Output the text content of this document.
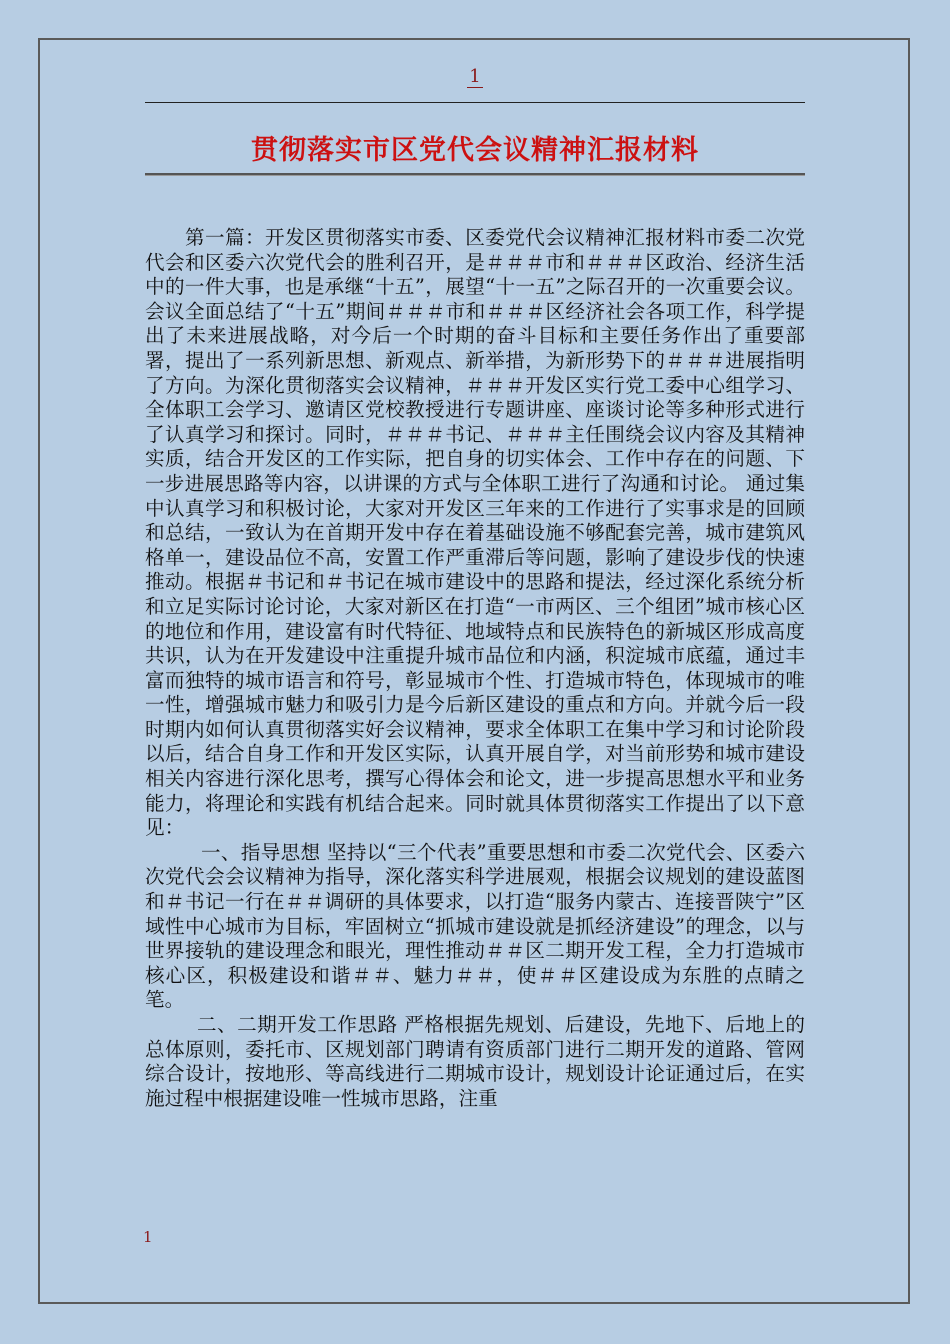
1
贯彻落实市区党代会议精神汇报材料

第一篇：开发区贯彻落实市委、区委党代会议精神汇报材料市委二次党代会和区委六次党代会的胜利召开，是＃＃＃市和＃＃＃区政治、经济生活中的一件大事，也是承继“十五”，展望“十一五”之际召开的一次重要会议。会议全面总结了“十五”期间＃＃＃市和＃＃＃区经济社会各项工作，科学提出了未来进展战略，对今后一个时期的奋斗目标和主要任务作出了重要部署，提出了一系列新思想、新观点、新举措，为新形势下的＃＃＃进展指明了方向。为深化贯彻落实会议精神，＃＃＃开发区实行党工委中心组学习、全体职工会学习、邀请区党校教授进行专题讲座、座谈讨论等多种形式进行了认真学习和探讨。同时，＃＃＃书记、＃＃＃主任围绕会议内容及其精神实质，结合开发区的工作实际，把自身的切实体会、工作中存在的问题、下一步进展思路等内容，以讲课的方式与全体职工进行了沟通和讨论。 通过集中认真学习和积极讨论，大家对开发区三年来的工作进行了实事求是的回顾和总结，一致认为在首期开发中存在着基础设施不够配套完善，城市建筑风格单一，建设品位不高，安置工作严重滞后等问题，影响了建设步伐的快速推动。根据＃书记和＃书记在城市建设中的思路和提法，经过深化系统分析和立足实际讨论讨论，大家对新区在打造“一市两区、三个组团”城市核心区的地位和作用，建设富有时代特征、地域特点和民族特色的新城区形成高度共识，认为在开发建设中注重提升城市品位和内涵，积淀城市底蕴，通过丰富而独特的城市语言和符号，彰显城市个性、打造城市特色，体现城市的唯一性，增强城市魅力和吸引力是今后新区建设的重点和方向。并就今后一段时期内如何认真贯彻落实好会议精神，要求全体职工在集中学习和讨论阶段以后，结合自身工作和开发区实际，认真开展自学，对当前形势和城市建设相关内容进行深化思考，撰写心得体会和论文，进一步提高思想水平和业务能力，将理论和实践有机结合起来。同时就具体贯彻落实工作提出了以下意见：

一、指导思想 坚持以“三个代表”重要思想和市委二次党代会、区委六次党代会会议精神为指导，深化落实科学进展观，根据会议规划的建设蓝图和＃书记一行在＃＃调研的具体要求，以打造“服务内蒙古、连接晋陕宁”区域性中心城市为目标，牢固树立“抓城市建设就是抓经济建设”的理念，以与世界接轨的建设理念和眼光，理性推动＃＃区二期开发工程，全力打造城市核心区，积极建设和谐＃＃、魅力＃＃，使＃＃区建设成为东胜的点睛之笔。

二、二期开发工作思路 严格根据先规划、后建设，先地下、后地上的总体原则，委托市、区规划部门聘请有资质部门进行二期开发的道路、管网综合设计，按地形、等高线进行二期城市设计，规划设计论证通过后，在实施过程中根据建设唯一性城市思路，注重

1
